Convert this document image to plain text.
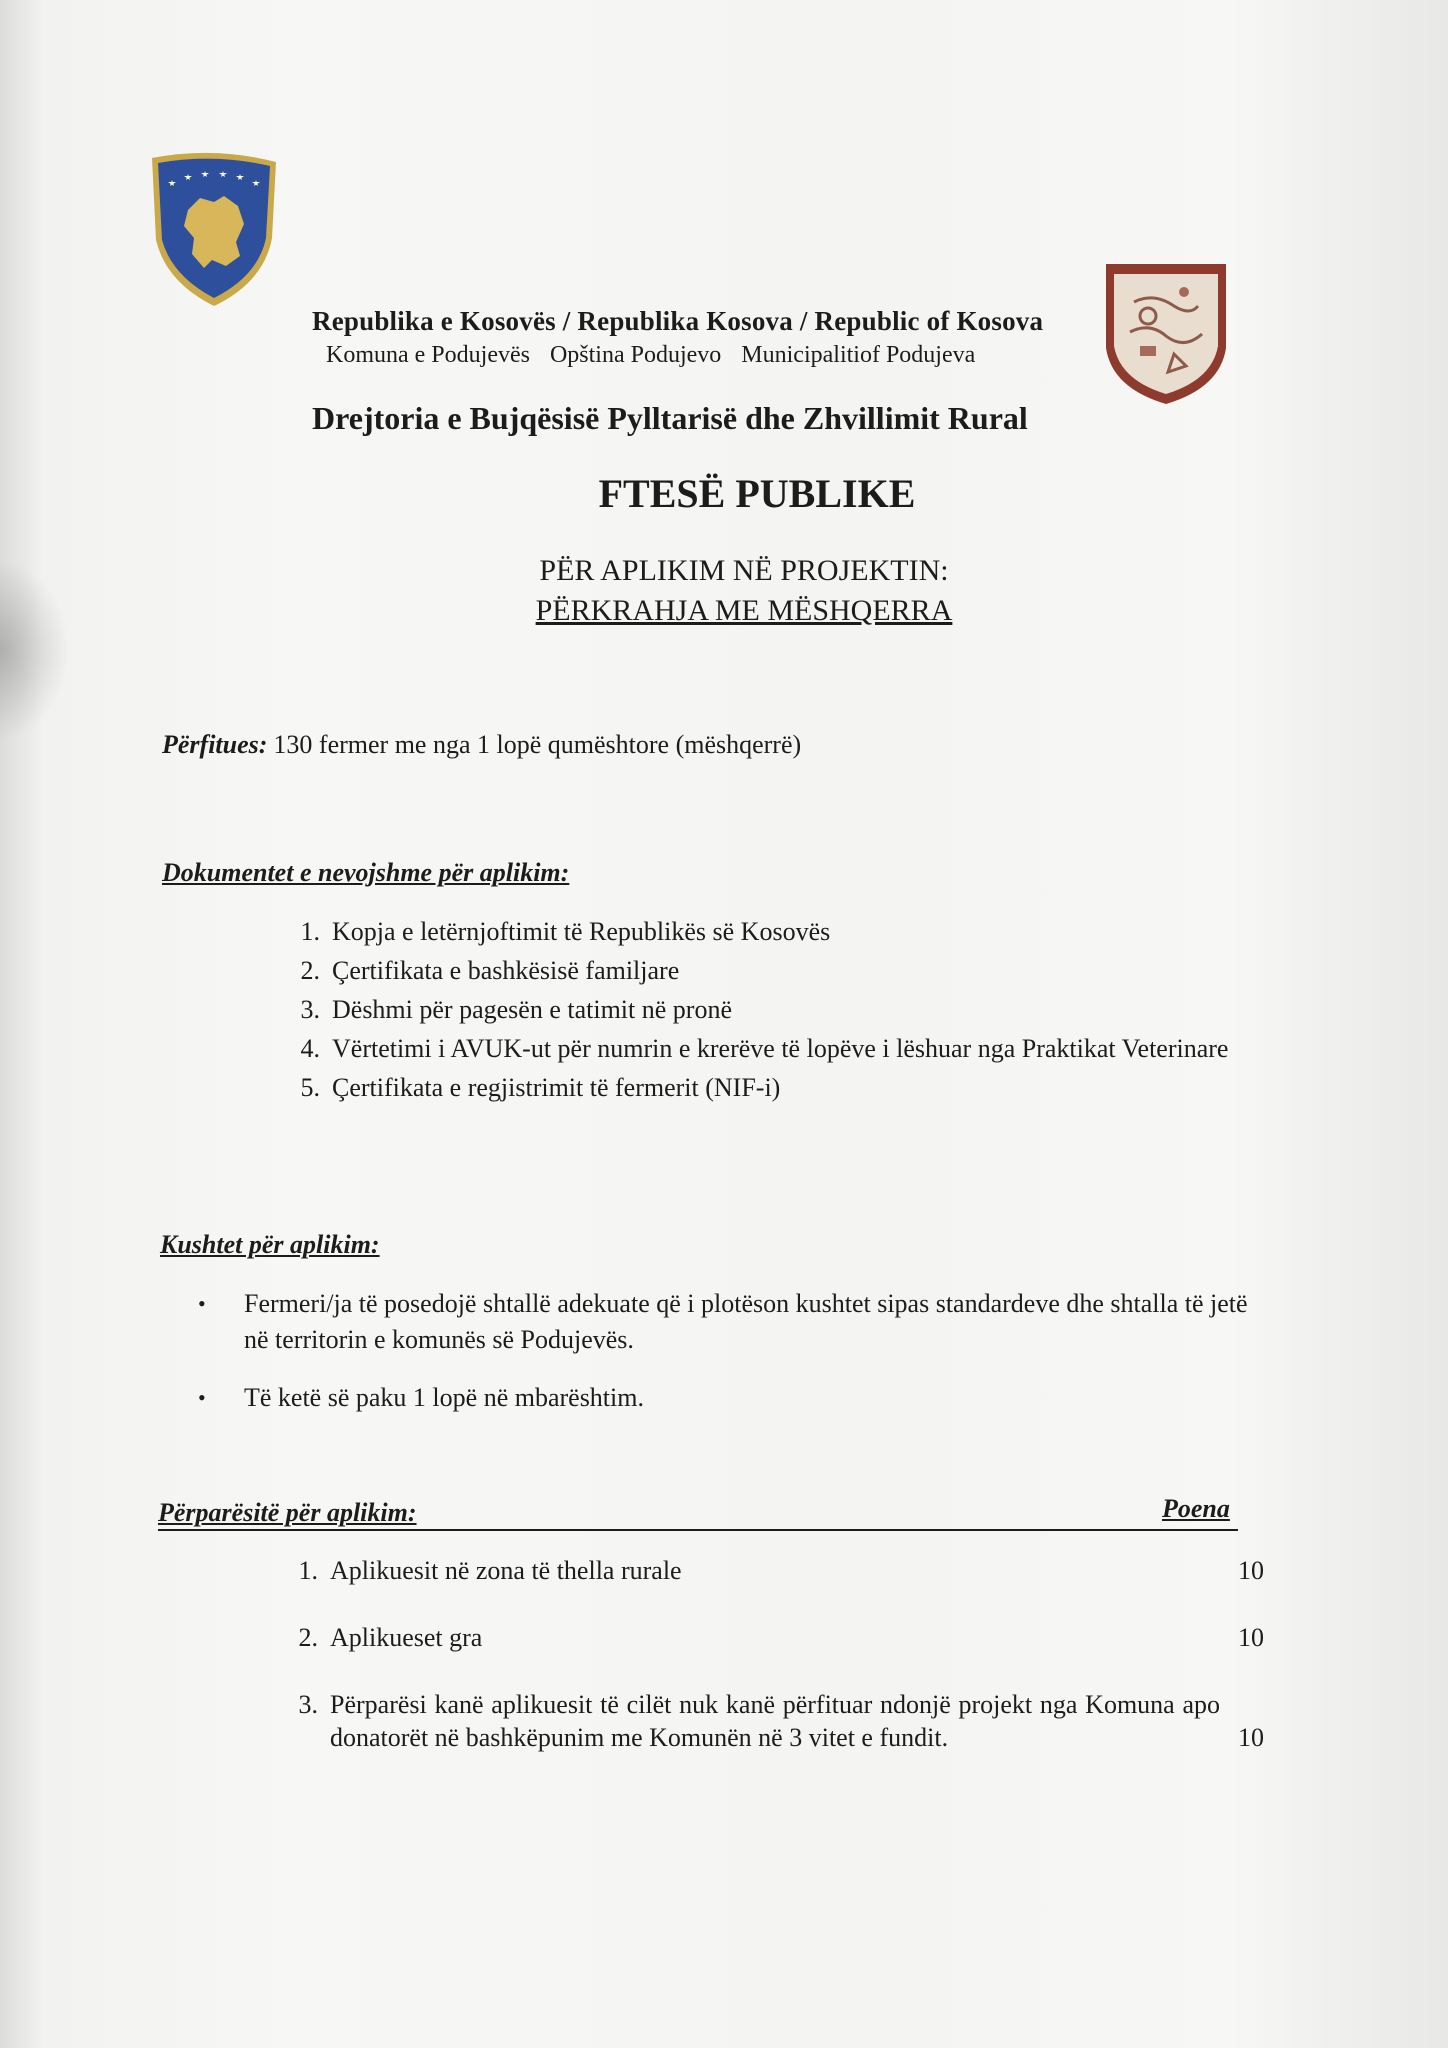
Republika e Kosovës / Republika Kosova / Republic of Kosova
Komuna e Podujevës Opština Podujevo Municipalitiof Podujeva
Drejtoria e Bujqësisë Pylltarisë dhe Zhvillimit Rural
FTESË PUBLIKE
PËR APLIKIM NË PROJEKTIN:
PËRKRAHJA ME MËSHQERRA
Përfitues: 130 fermer me nga 1 lopë qumështore (mëshqerrë)
Dokumentet e nevojshme për aplikim:
1. Kopja e letërnjoftimit të Republikës së Kosovës
2. Çertifikata e bashkësisë familjare
3. Dëshmi për pagesën e tatimit në pronë
4. Vërtetimi i AVUK-ut për numrin e krerëve të lopëve i lëshuar nga Praktikat Veterinare
5. Çertifikata e regjistrimit të fermerit (NIF-i)
Kushtet për aplikim:
• Fermeri/ja të posedojë shtallë adekuate që i plotëson kushtet sipas standardeve dhe shtalla të jetë në territorin e komunës së Podujevës.
• Të ketë së paku 1 lopë në mbarështim.
Përparësitë për aplikim:	Poena
1. Aplikuesit në zona të thella rurale	10
2. Aplikueset gra	10
3. Përparësi kanë aplikuesit të cilët nuk kanë përfituar ndonjë projekt nga Komuna apo donatorët në bashkëpunim me Komunën në 3 vitet e fundit.	10
